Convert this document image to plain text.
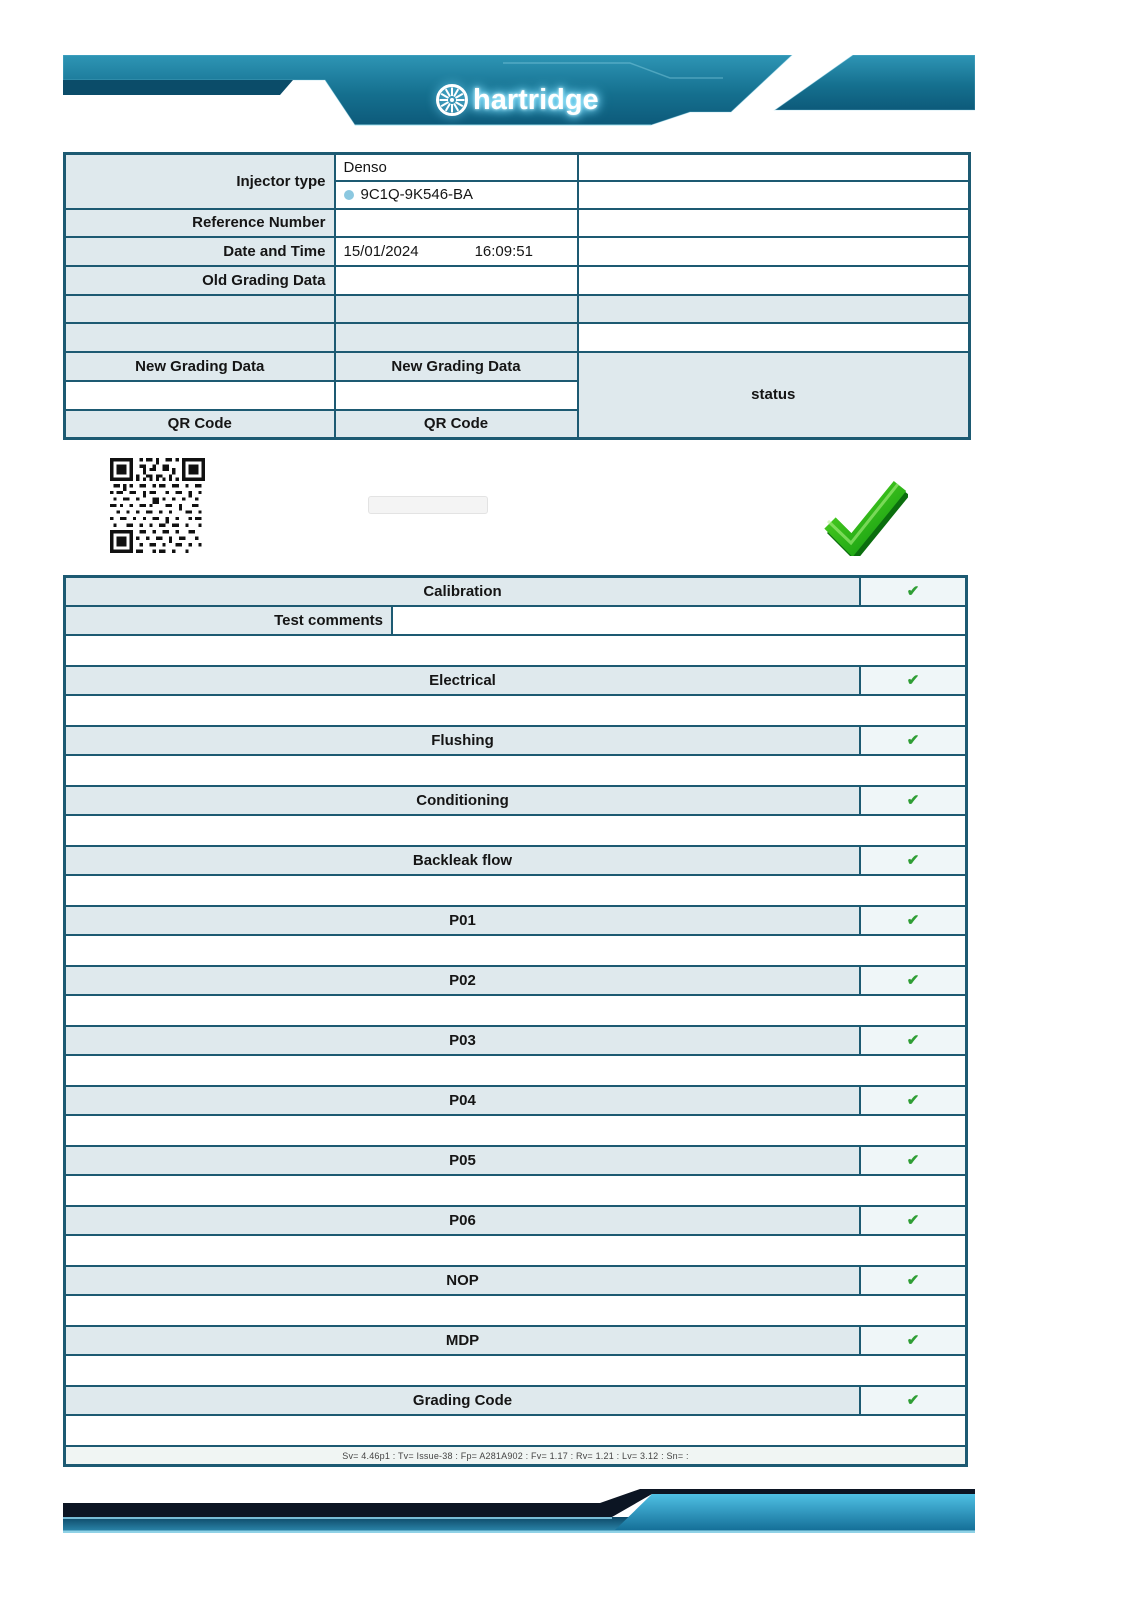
hartridge
Injector type	Denso	
	9C1Q-9K546-BA	
Reference Number		
Date and Time	15/01/2024 16:09:51	
Old Grading Data		

New Grading Data	New Grading Data	status

QR Code	QR Code	
Calibration	✔
Test comments
Electrical	✔
Flushing	✔
Conditioning	✔
Backleak flow	✔
P01	✔
P02	✔
P03	✔
P04	✔
P05	✔
P06	✔
NOP	✔
MDP	✔
Grading Code	✔
Sv= 4.46p1 : Tv= Issue-38 : Fp= A281A902 : Fv= 1.17 : Rv= 1.21 : Lv= 3.12 : Sn= :
